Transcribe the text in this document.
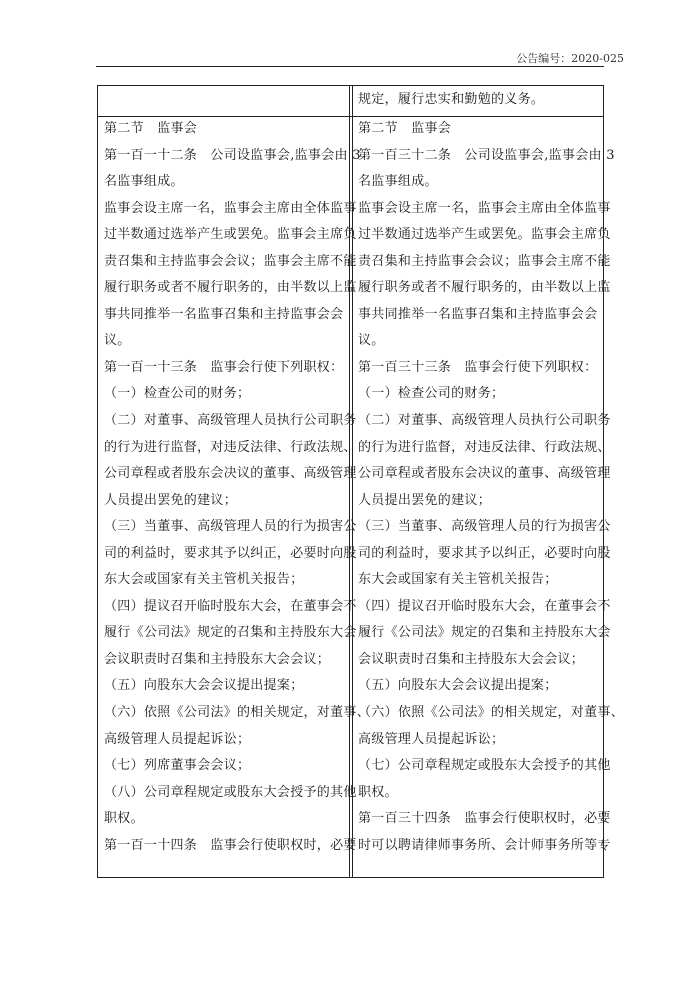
公告编号：2020-025
规定，履行忠实和勤勉的义务。
第二节　监事会
第一百一十二条　公司设监事会,监事会由 3
名监事组成。
监事会设主席一名，监事会主席由全体监事
过半数通过选举产生或罢免。监事会主席负
责召集和主持监事会会议；监事会主席不能
履行职务或者不履行职务的，由半数以上监
事共同推举一名监事召集和主持监事会会
议。
第一百一十三条　监事会行使下列职权：
（一）检查公司的财务；
（二）对董事、高级管理人员执行公司职务
的行为进行监督，对违反法律、行政法规、
公司章程或者股东会决议的董事、高级管理
人员提出罢免的建议；
（三）当董事、高级管理人员的行为损害公
司的利益时，要求其予以纠正，必要时向股
东大会或国家有关主管机关报告；
（四）提议召开临时股东大会，在董事会不
履行《公司法》规定的召集和主持股东大会
会议职责时召集和主持股东大会会议；
（五）向股东大会会议提出提案；
（六）依照《公司法》的相关规定，对董事、
高级管理人员提起诉讼；
（七）列席董事会会议；
（八）公司章程规定或股东大会授予的其他
职权。
第一百一十四条　监事会行使职权时，必要
第二节　监事会
第一百三十二条　公司设监事会,监事会由 3
名监事组成。
监事会设主席一名，监事会主席由全体监事
过半数通过选举产生或罢免。监事会主席负
责召集和主持监事会会议；监事会主席不能
履行职务或者不履行职务的，由半数以上监
事共同推举一名监事召集和主持监事会会
议。
第一百三十三条　监事会行使下列职权：
（一）检查公司的财务；
（二）对董事、高级管理人员执行公司职务
的行为进行监督，对违反法律、行政法规、
公司章程或者股东会决议的董事、高级管理
人员提出罢免的建议；
（三）当董事、高级管理人员的行为损害公
司的利益时，要求其予以纠正，必要时向股
东大会或国家有关主管机关报告；
（四）提议召开临时股东大会，在董事会不
履行《公司法》规定的召集和主持股东大会
会议职责时召集和主持股东大会会议；
（五）向股东大会会议提出提案；
（六）依照《公司法》的相关规定，对董事、
高级管理人员提起诉讼；
（七）公司章程规定或股东大会授予的其他
职权。
第一百三十四条　监事会行使职权时，必要
时可以聘请律师事务所、会计师事务所等专
